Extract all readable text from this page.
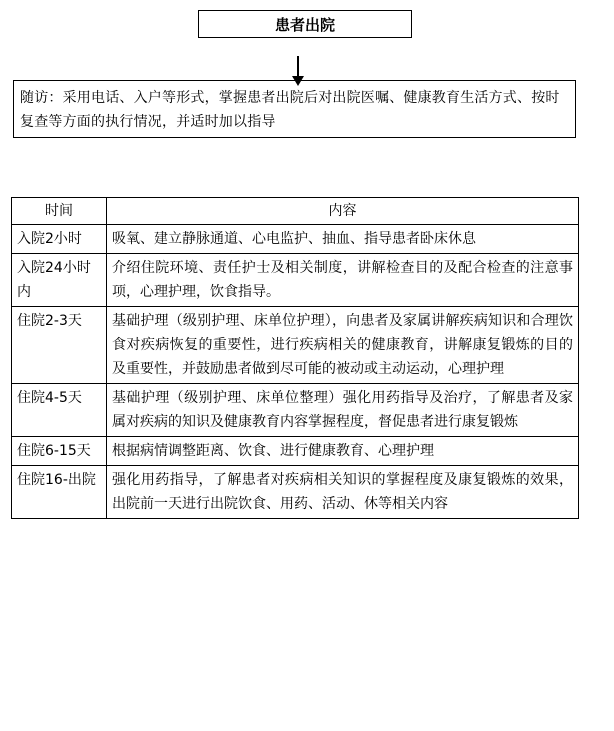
患者出院
随访：采用电话、入户等形式，掌握患者出院后对出院医嘱、健康教育生活方式、按时复查等方面的执行情况，并适时加以指导
时间	内容
入院2小时	吸氧、建立静脉通道、心电监护、抽血、指导患者卧床休息
入院24小时内	介绍住院环境、责任护士及相关制度，讲解检查目的及配合检查的注意事项，心理护理，饮食指导。
住院2-3天	基础护理（级别护理、床单位护理），向患者及家属讲解疾病知识和合理饮食对疾病恢复的重要性，进行疾病相关的健康教育，讲解康复锻炼的目的及重要性，并鼓励患者做到尽可能的被动或主动运动，心理护理
住院4-5天	基础护理（级别护理、床单位整理）强化用药指导及治疗，了解患者及家属对疾病的知识及健康教育内容掌握程度，督促患者进行康复锻炼
住院6-15天	根据病情调整距离、饮食、进行健康教育、心理护理
住院16-出院	强化用药指导，了解患者对疾病相关知识的掌握程度及康复锻炼的效果，出院前一天进行出院饮食、用药、活动、休等相关内容
